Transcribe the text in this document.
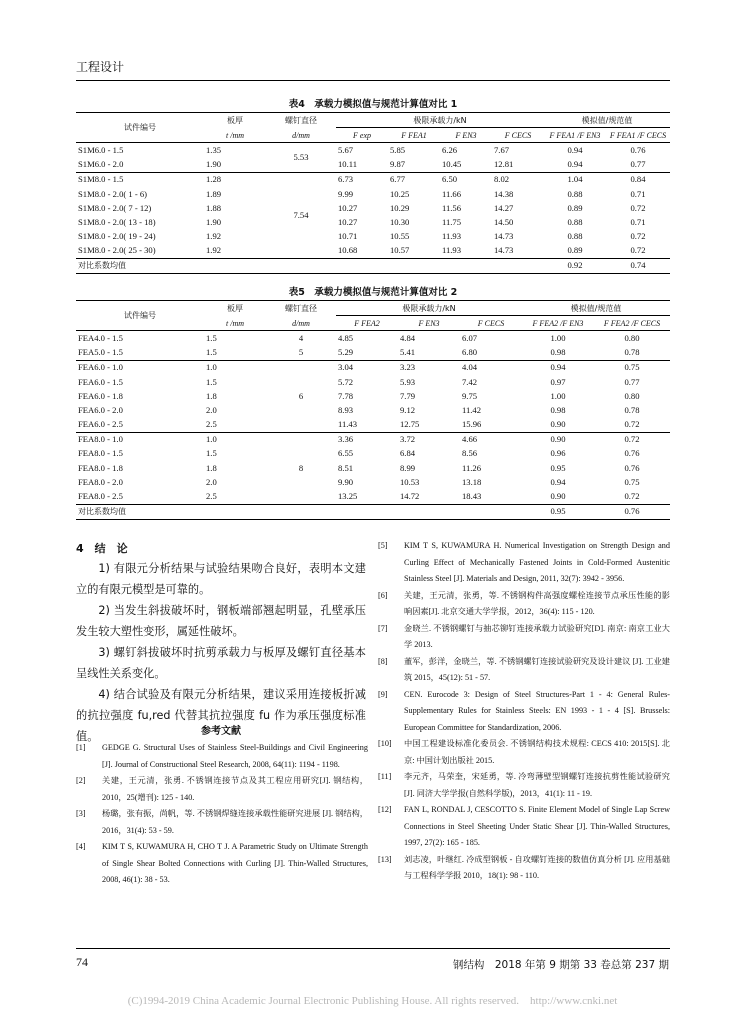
工程设计
表4　承载力模拟值与规范计算值对比 1
试件编号	板厚	螺钉直径	极限承载力/kN				模拟值/规范值	
	t /mm	d/mm	F exp	F FEA1	F EN3	F CECS	F FEA1 /F EN3	F FEA1 /F CECS
S1M6.0 - 1.5	1.35	5.53	5.67	5.85	6.26	7.67	0.94	0.76
S1M6.0 - 2.0	1.90		10.11	9.87	10.45	12.81	0.94	0.77
S1M8.0 - 1.5	1.28	7.54	6.73	6.77	6.50	8.02	1.04	0.84
S1M8.0 - 2.0( 1 - 6)	1.89		9.99	10.25	11.66	14.38	0.88	0.71
S1M8.0 - 2.0( 7 - 12)	1.88		10.27	10.29	11.56	14.27	0.89	0.72
S1M8.0 - 2.0( 13 - 18)	1.90		10.27	10.30	11.75	14.50	0.88	0.71
S1M8.0 - 2.0( 19 - 24)	1.92		10.71	10.55	11.93	14.73	0.88	0.72
S1M8.0 - 2.0( 25 - 30)	1.92		10.68	10.57	11.93	14.73	0.89	0.72
对比系数均值							0.92	0.74
表5　承载力模拟值与规范计算值对比 2
试件编号	板厚	螺钉直径	极限承载力/kN			模拟值/规范值	
	t /mm	d/mm	F FEA2	F EN3	F CECS	F FEA2 /F EN3	F FEA2 /F CECS
FEA4.0 - 1.5	1.5	4	4.85	4.84	6.07	1.00	0.80
FEA5.0 - 1.5	1.5	5	5.29	5.41	6.80	0.98	0.78
FEA6.0 - 1.0	1.0	6	3.04	3.23	4.04	0.94	0.75
FEA6.0 - 1.5	1.5		5.72	5.93	7.42	0.97	0.77
FEA6.0 - 1.8	1.8		7.78	7.79	9.75	1.00	0.80
FEA6.0 - 2.0	2.0		8.93	9.12	11.42	0.98	0.78
FEA6.0 - 2.5	2.5		11.43	12.75	15.96	0.90	0.72
FEA8.0 - 1.0	1.0	8	3.36	3.72	4.66	0.90	0.72
FEA8.0 - 1.5	1.5		6.55	6.84	8.56	0.96	0.76
FEA8.0 - 1.8	1.8		8.51	8.99	11.26	0.95	0.76
FEA8.0 - 2.0	2.0		9.90	10.53	13.18	0.94	0.75
FEA8.0 - 2.5	2.5		13.25	14.72	18.43	0.90	0.72
对比系数均值						0.95	0.76
4　结　论
1) 有限元分析结果与试验结果吻合良好，表明本文建立的有限元模型是可靠的。
2) 当发生斜拔破坏时，钢板端部翘起明显，孔壁承压发生较大塑性变形，属延性破坏。
3) 螺钉斜拔破坏时抗剪承载力与板厚及螺钉直径基本呈线性关系变化。
参考文献
[1]	GEDGE G. Structural Uses of Stainless Steel-Buildings and Civil Engineering [J]. Journal of Constructional Steel Research, 2008, 64(11): 1194 - 1198.
[2]	关建，王元清，张勇. 不锈钢连接节点及其工程应用研究[J]. 钢结构，2010，25(增刊): 125 - 140.
[3]	杨璐，张有振，尚帆，等. 不锈钢焊缝连接承载性能研究进展 [J]. 钢结构，2016，31(4): 53 - 59.
[4]	KIM T S, KUWAMURA H, CHO T J. A Parametric Study on Ultimate Strength of Single Shear Bolted Connections with Curling [J]. Thin-Walled Structures, 2008, 46(1): 38 - 53.
[5]	KIM T S, KUWAMURA H. Numerical Investigation on Strength Design and Curling Effect of Mechanically Fastened Joints in Cold-Formed Austenitic Stainless Steel [J]. Materials and Design, 2011, 32(7): 3942 - 3956.
[6]	关建，王元清，张勇，等. 不锈钢构件高强度螺栓连接节点承压性能的影响因素[J]. 北京交通大学学报，2012，36(4): 115 - 120.
[7]	金晓兰. 不锈钢螺钉与抽芯铆钉连接承载力试验研究[D]. 南京: 南京工业大学 2013.
[8]	董军，彭洋，金晓兰，等. 不锈钢螺钉连接试验研究及设计建议 [J]. 工业建筑 2015，45(12): 51 - 57.
[9]	CEN. Eurocode 3: Design of Steel Structures-Part 1 - 4: General Rules-Supplementary Rules for Stainless Steels: EN 1993 - 1 - 4 [S]. Brussels: European Committee for Standardization, 2006.
[10]	中国工程建设标准化委员会. 不锈钢结构技术规程: CECS 410: 2015[S]. 北京: 中国计划出版社 2015.
[11]	李元齐，马荣奎，宋延勇，等. 冷弯薄壁型钢螺钉连接抗剪性能试验研究[J]. 同济大学学报(自然科学版)，2013，41(1): 11 - 19.
[12]	FAN L, RONDAL J, CESCOTTO S. Finite Element Model of Single Lap Screw Connections in Steel Sheeting Under Static Shear [J]. Thin-Walled Structures, 1997, 27(2): 165 - 185.
[13]	刘志凌，叶继红. 冷成型钢板 - 自攻螺钉连接的数值仿真分析 [J]. 应用基础与工程科学学报 2010，18(1): 98 - 110.
74	钢结构　2018 年第 9 期第 33 卷总第 237 期
(C)1994-2019 China Academic Journal Electronic Publishing House. All rights reserved.　http://www.cnki.net
4) 结合试验及有限元分析结果，建议采用连接板折减的抗拉强度 fu,red 代替其抗拉强度 fu 作为承压强度标准值。
